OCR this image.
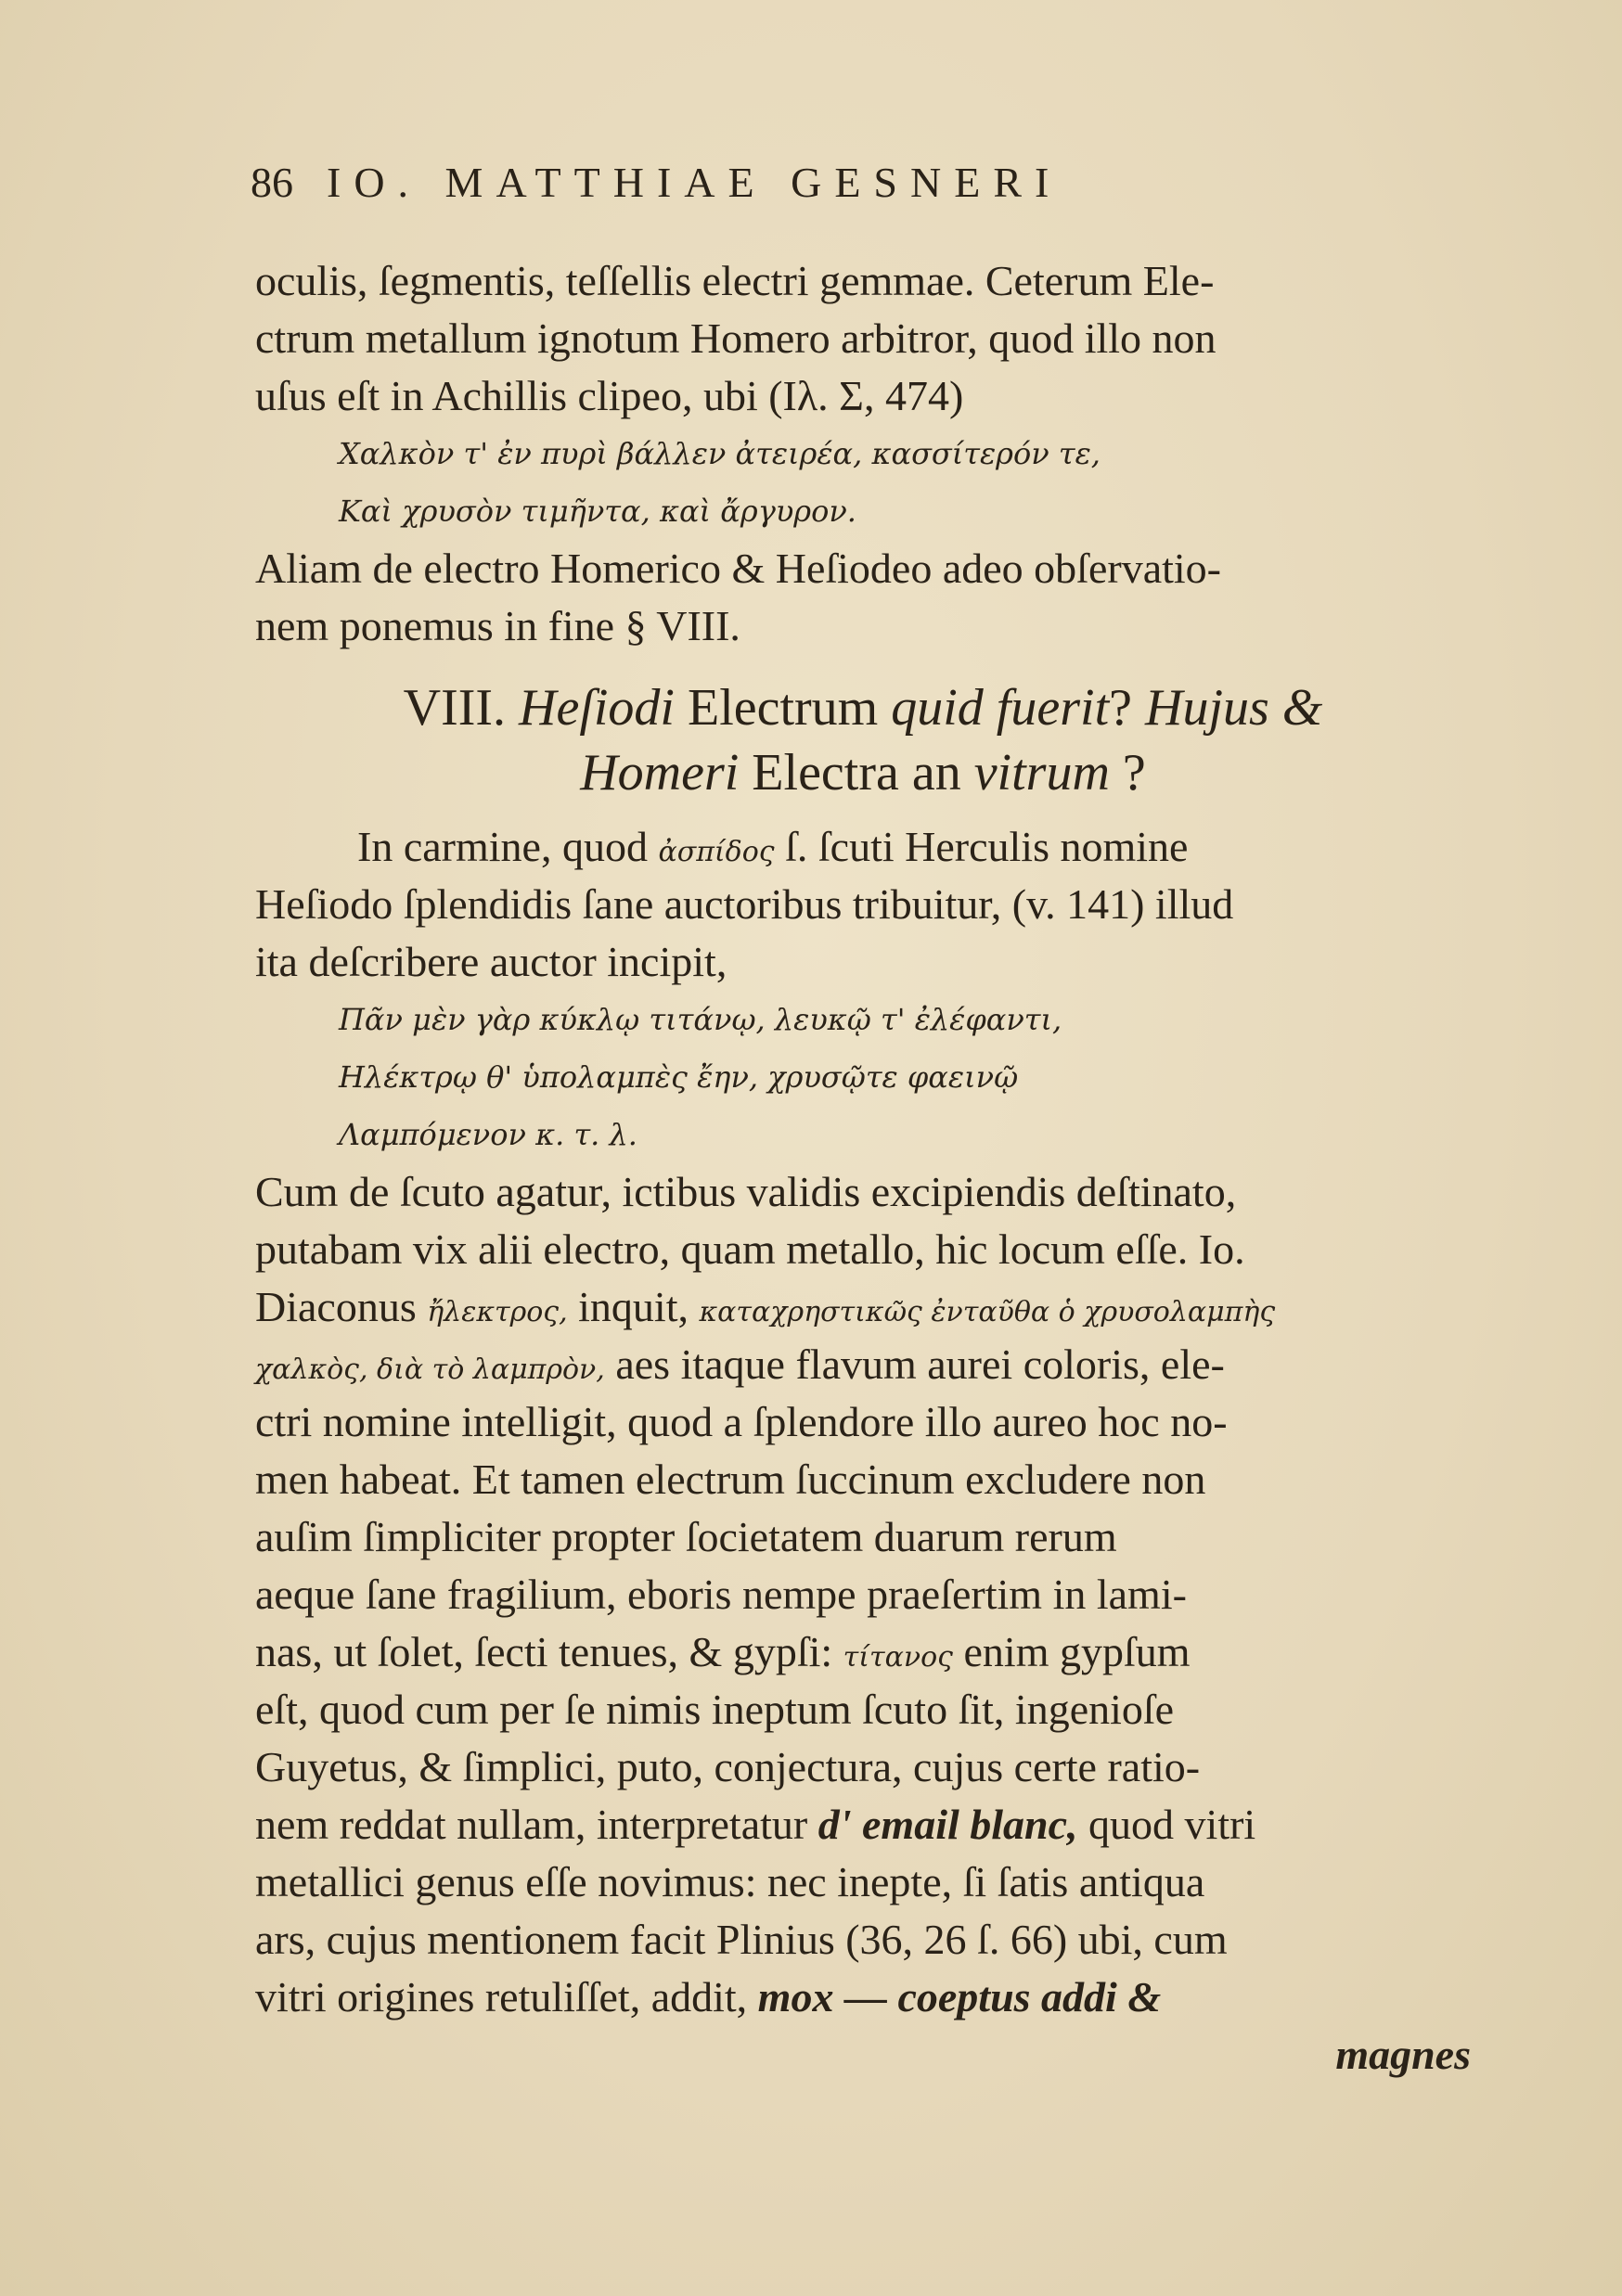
86 IO. MATTHIAE GESNERI
oculis, ſegmentis, teſſellis electri gemmae. Ceterum Ele-
ctrum metallum ignotum Homero arbitror, quod illo non
uſus eſt in Achillis clipeo, ubi (Ιλ. Σ, 474)
Χαλκὸν τ' ἐν πυρὶ βάλλεν ἀτειρέα, κασσίτερόν τε,
Καὶ χρυσὸν τιμῆντα, καὶ ἄργυρον.
Aliam de electro Homerico & Heſiodeo adeo obſervatio-
nem ponemus in fine § VIII.
VIII. Heſiodi Electrum quid fuerit? Hujus &
Homeri Electra an vitrum ?
In carmine, quod ἀσπίδος ſ. ſcuti Herculis nomine
Heſiodo ſplendidis ſane auctoribus tribuitur, (v. 141) illud
ita deſcribere auctor incipit,
Πᾶν μὲν γὰρ κύκλῳ τιτάνῳ, λευκῷ τ' ἐλέφαντι,
Ηλέκτρῳ θ' ὑπολαμπὲς ἔην, χρυσῷτε φαεινῷ
Λαμπόμενον κ. τ. λ.
Cum de ſcuto agatur, ictibus validis excipiendis deſtinato,
putabam vix alii electro, quam metallo, hic locum eſſe. Io.
Diaconus ἤλεκτρος, inquit, καταχρηστικῶς ἐνταῦθα ὁ χρυσολαμπὴς
χαλκὸς, διὰ τὸ λαμπρὸν, aes itaque flavum aurei coloris, ele-
ctri nomine intelligit, quod a ſplendore illo aureo hoc no-
men habeat. Et tamen electrum ſuccinum excludere non
auſim ſimpliciter propter ſocietatem duarum rerum
aeque ſane fragilium, eboris nempe praeſertim in lami-
nas, ut ſolet, ſecti tenues, & gypſi: τίτανος enim gypſum
eſt, quod cum per ſe nimis ineptum ſcuto ſit, ingenioſe
Guyetus, & ſimplici, puto, conjectura, cujus certe ratio-
nem reddat nullam, interpretatur d' email blanc, quod vitri
metallici genus eſſe novimus: nec inepte, ſi ſatis antiqua
ars, cujus mentionem facit Plinius (36, 26 ſ. 66) ubi, cum
vitri origines retuliſſet, addit, mox — coeptus addi &
magnes
